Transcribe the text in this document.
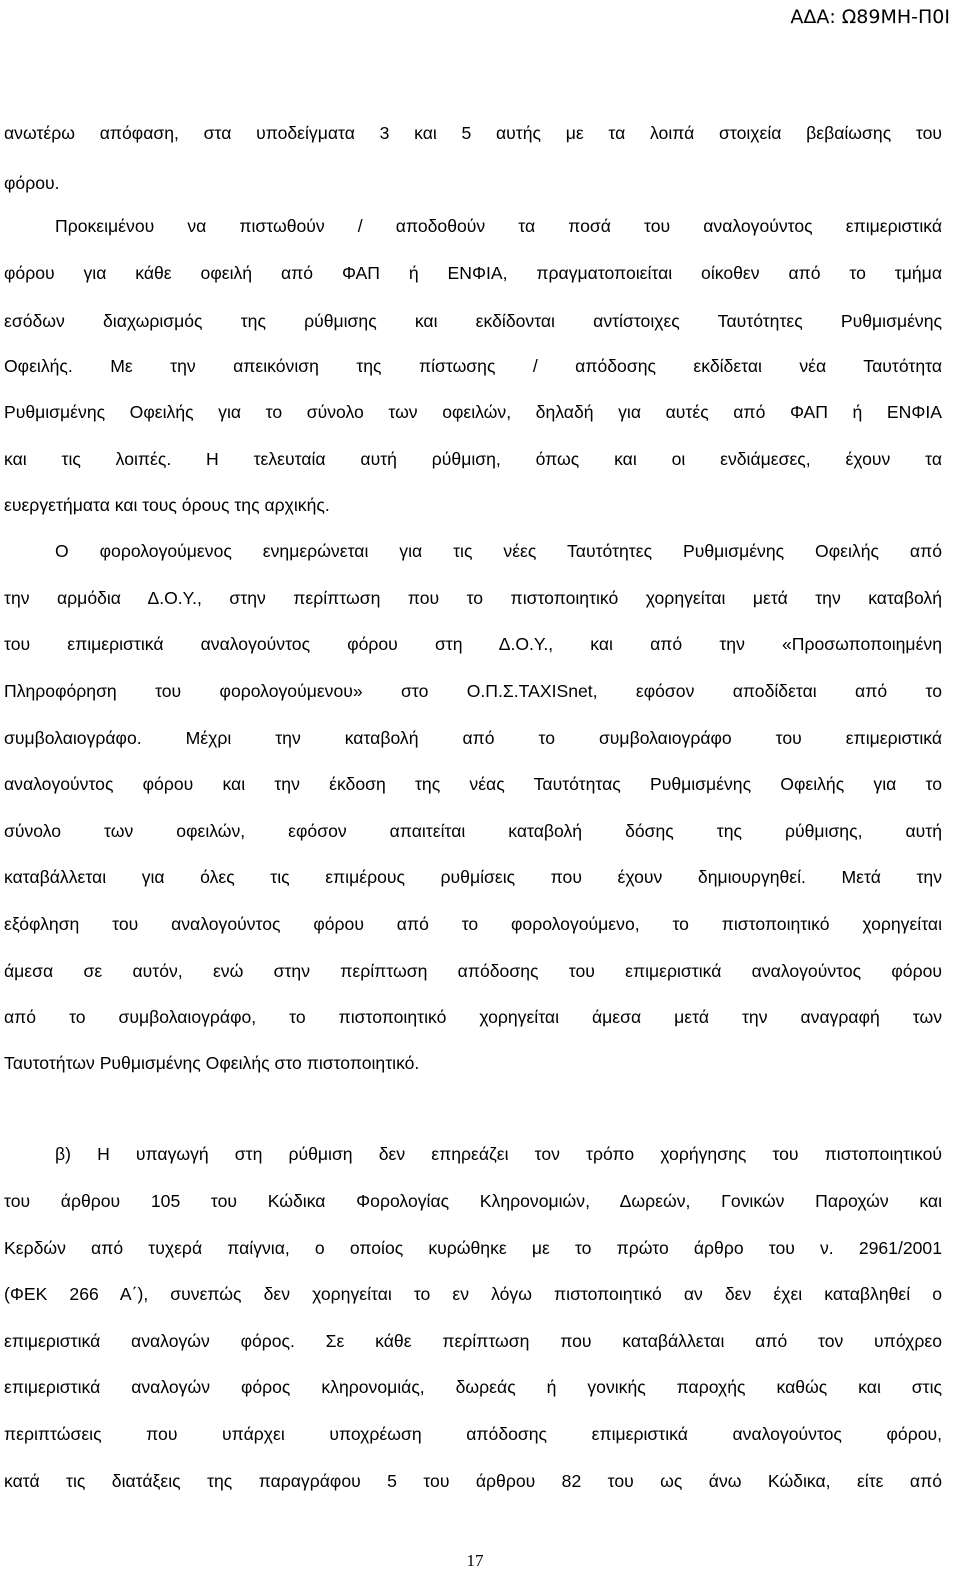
ΑΔΑ: Ω89ΜΗ-Π0Ι
ανωτέρω απόφαση, στα υποδείγματα 3 και 5 αυτής με τα λοιπά στοιχεία βεβαίωσης του
φόρου.
Προκειμένου να πιστωθούν / αποδοθούν τα ποσά του αναλογούντος επιμεριστικά
φόρου για κάθε οφειλή από ΦΑΠ ή ΕΝΦΙΑ, πραγματοποιείται οίκοθεν από το τμήμα
εσόδων διαχωρισμός της ρύθμισης και εκδίδονται αντίστοιχες Ταυτότητες Ρυθμισμένης
Οφειλής. Με την απεικόνιση της πίστωσης / απόδοσης εκδίδεται νέα Ταυτότητα
Ρυθμισμένης Οφειλής για το σύνολο των οφειλών, δηλαδή για αυτές από ΦΑΠ ή ΕΝΦΙΑ
και τις λοιπές. Η τελευταία αυτή ρύθμιση, όπως και οι ενδιάμεσες, έχουν τα
ευεργετήματα και τους όρους της αρχικής.
Ο φορολογούμενος ενημερώνεται για τις νέες Ταυτότητες Ρυθμισμένης Οφειλής από
την αρμόδια Δ.Ο.Υ., στην περίπτωση που το πιστοποιητικό χορηγείται μετά την καταβολή
του επιμεριστικά αναλογούντος φόρου στη Δ.Ο.Υ., και από την «Προσωποποιημένη
Πληροφόρηση του φορολογούμενου» στο Ο.Π.Σ.TAXISnet, εφόσον αποδίδεται από το
συμβολαιογράφο. Μέχρι την καταβολή από το συμβολαιογράφο του επιμεριστικά
αναλογούντος φόρου και την έκδοση της νέας Ταυτότητας Ρυθμισμένης Οφειλής για το
σύνολο των οφειλών, εφόσον απαιτείται καταβολή δόσης της ρύθμισης, αυτή
καταβάλλεται για όλες τις επιμέρους ρυθμίσεις που έχουν δημιουργηθεί. Μετά την
εξόφληση του αναλογούντος φόρου από το φορολογούμενο, το πιστοποιητικό χορηγείται
άμεσα σε αυτόν, ενώ στην περίπτωση απόδοσης του επιμεριστικά αναλογούντος φόρου
από το συμβολαιογράφο, το πιστοποιητικό χορηγείται άμεσα μετά την αναγραφή των
Ταυτοτήτων Ρυθμισμένης Οφειλής στο πιστοποιητικό.
β) Η υπαγωγή στη ρύθμιση δεν επηρεάζει τον τρόπο χορήγησης του πιστοποιητικού
του άρθρου 105 του Κώδικα Φορολογίας Κληρονομιών, Δωρεών, Γονικών Παροχών και
Κερδών από τυχερά παίγνια, ο οποίος κυρώθηκε με το πρώτο άρθρο του ν. 2961/2001
(ΦΕΚ 266 Α΄), συνεπώς δεν χορηγείται το εν λόγω πιστοποιητικό αν δεν έχει καταβληθεί ο
επιμεριστικά αναλογών φόρος. Σε κάθε περίπτωση που καταβάλλεται από τον υπόχρεο
επιμεριστικά αναλογών φόρος κληρονομιάς, δωρεάς ή γονικής παροχής καθώς και στις
περιπτώσεις που υπάρχει υποχρέωση απόδοσης επιμεριστικά αναλογούντος φόρου,
κατά τις διατάξεις της παραγράφου 5 του άρθρου 82 του ως άνω Κώδικα, είτε από
17
